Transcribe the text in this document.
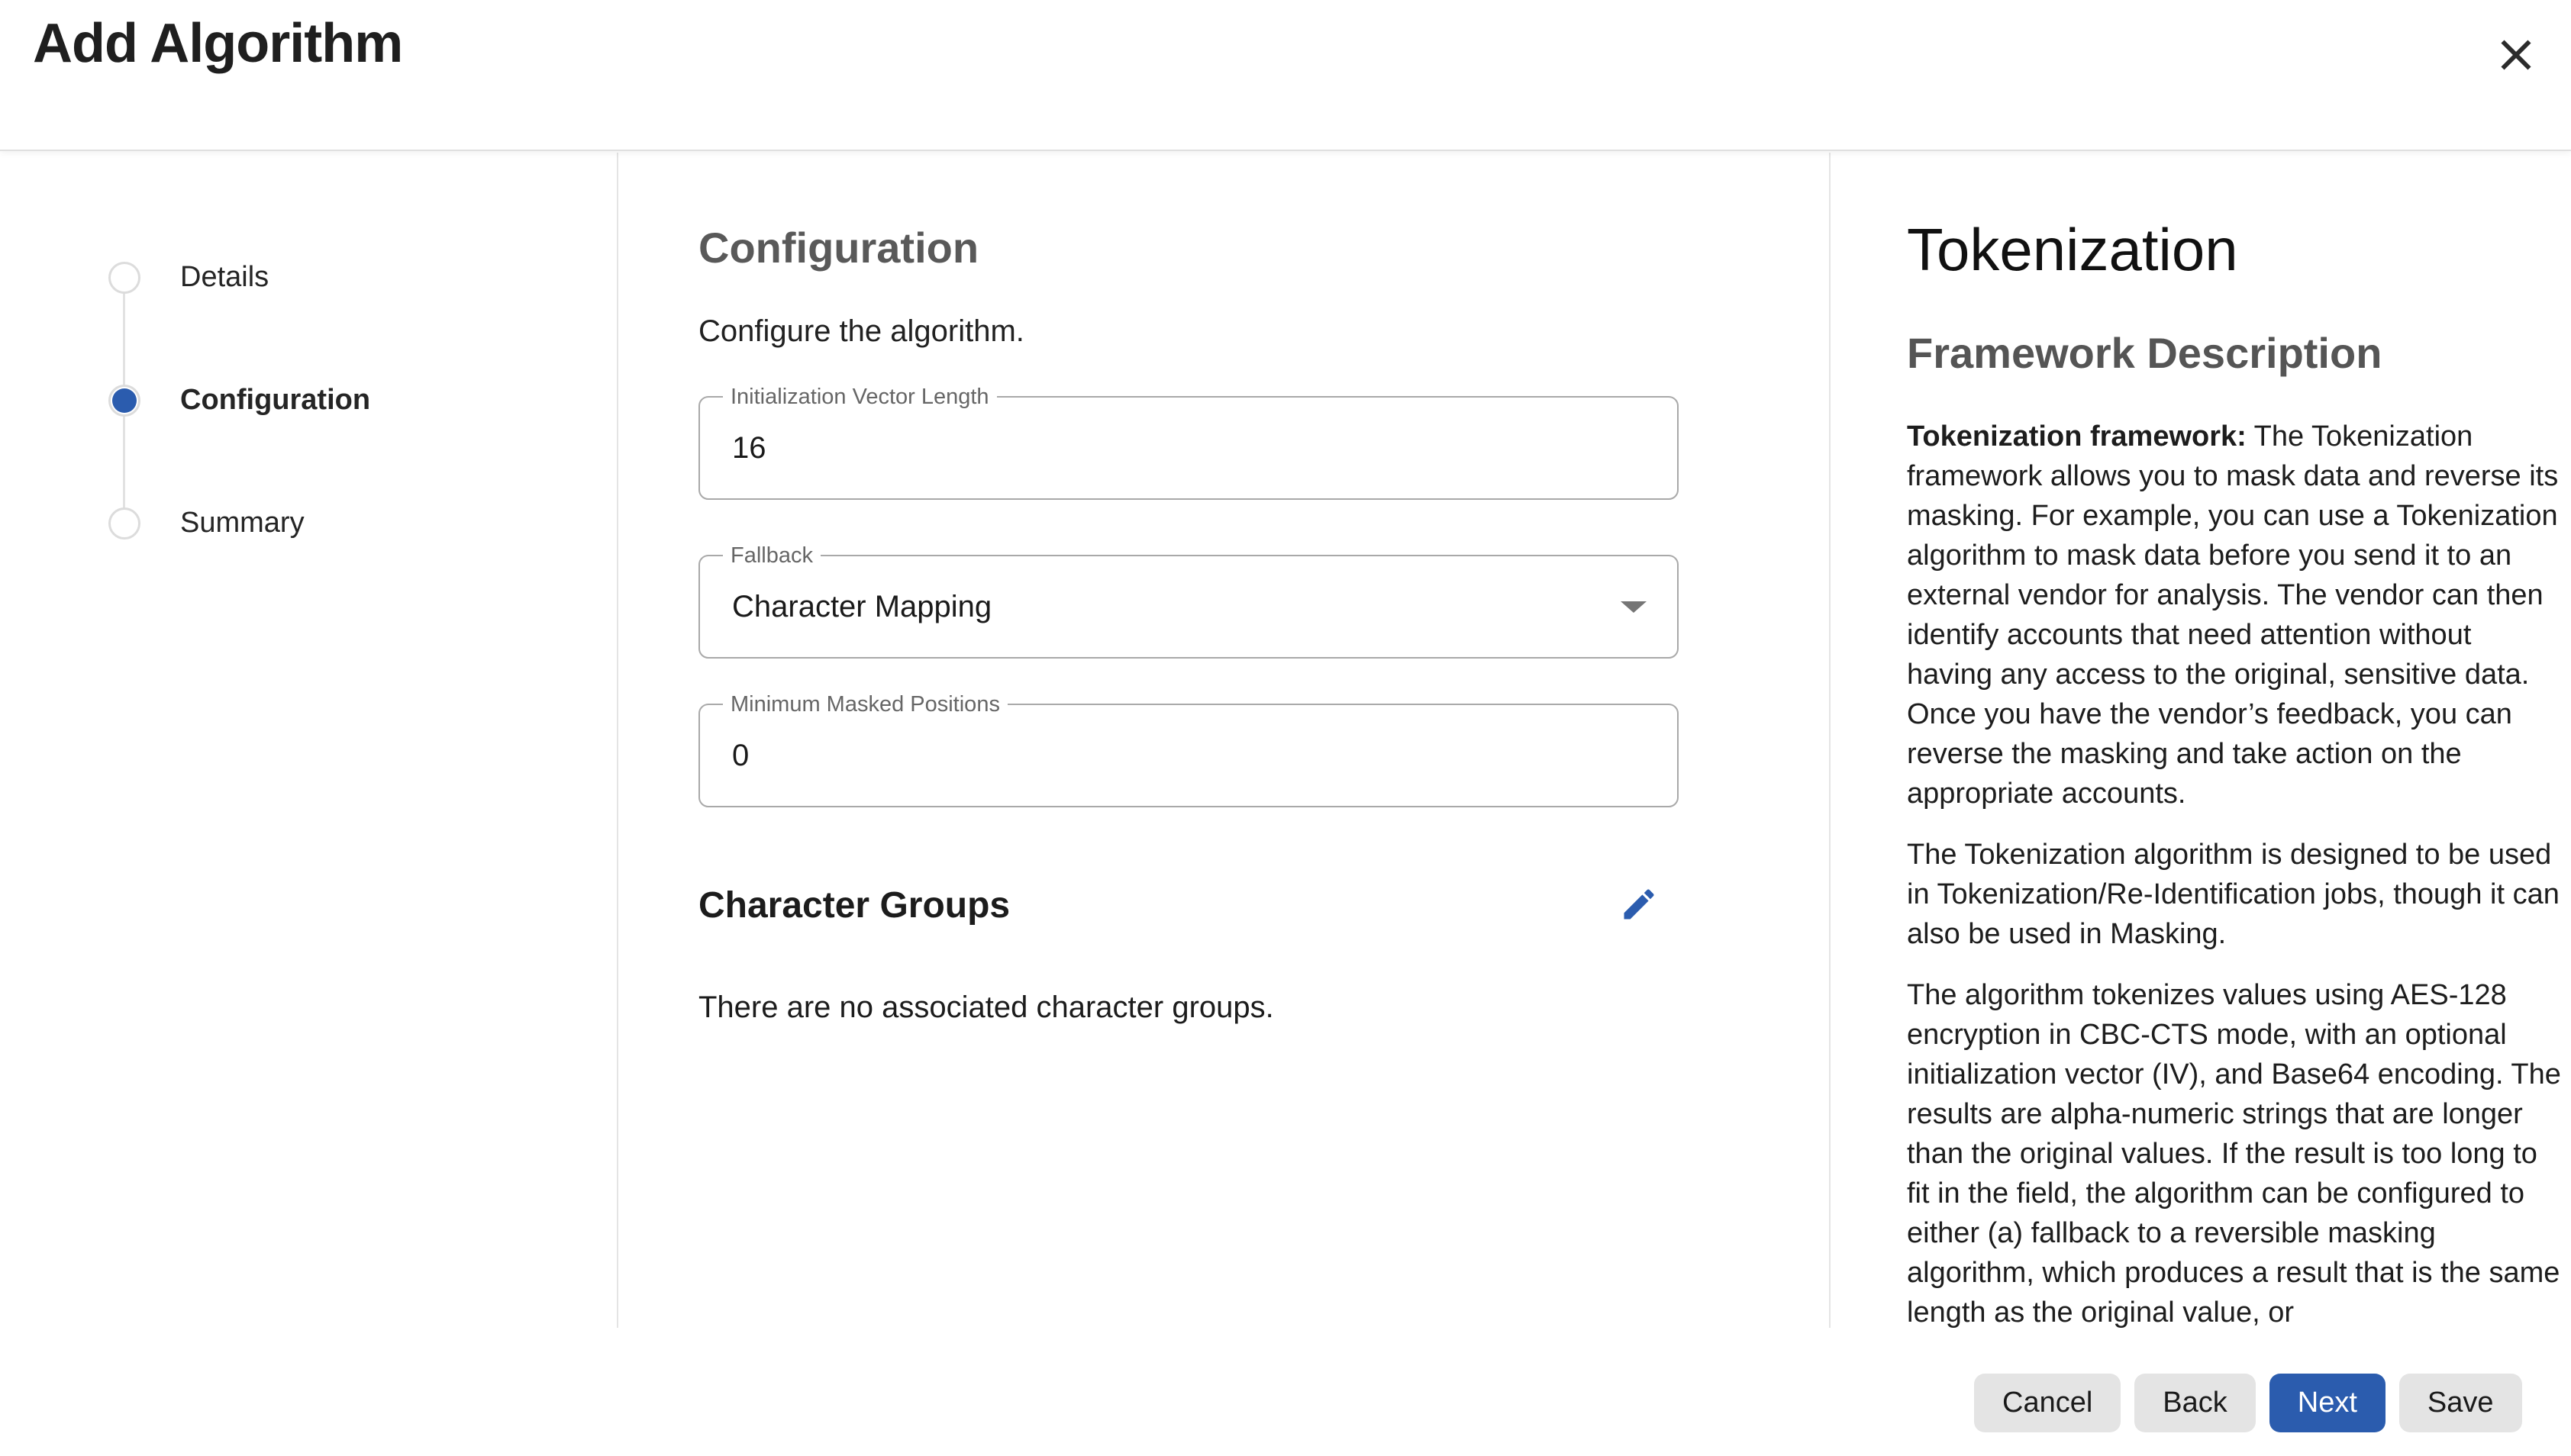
Add Algorithm
Details
Configuration
Summary
Configuration
Configure the algorithm.
Initialization Vector Length
16
Fallback
Character Mapping
Minimum Masked Positions
0
Character Groups
There are no associated character groups.
Tokenization
Framework Description

Tokenization framework: The Tokenization framework allows you to mask data and reverse its masking. For example, you can use a Tokenization algorithm to mask data before you send it to an external vendor for analysis. The vendor can then identify accounts that need attention without having any access to the original, sensitive data. Once you have the vendor’s feedback, you can reverse the masking and take action on the appropriate accounts.

The Tokenization algorithm is designed to be used in Tokenization/Re-Identification jobs, though it can also be used in Masking.

The algorithm tokenizes values using AES-128 encryption in CBC-CTS mode, with an optional initialization vector (IV), and Base64 encoding. The results are alpha-numeric strings that are longer than the original values. If the result is too long to fit in the field, the algorithm can be configured to either (a) fallback to a reversible masking algorithm, which produces a result that is the same length as the original value, or

Cancel	Back	Next	Save
